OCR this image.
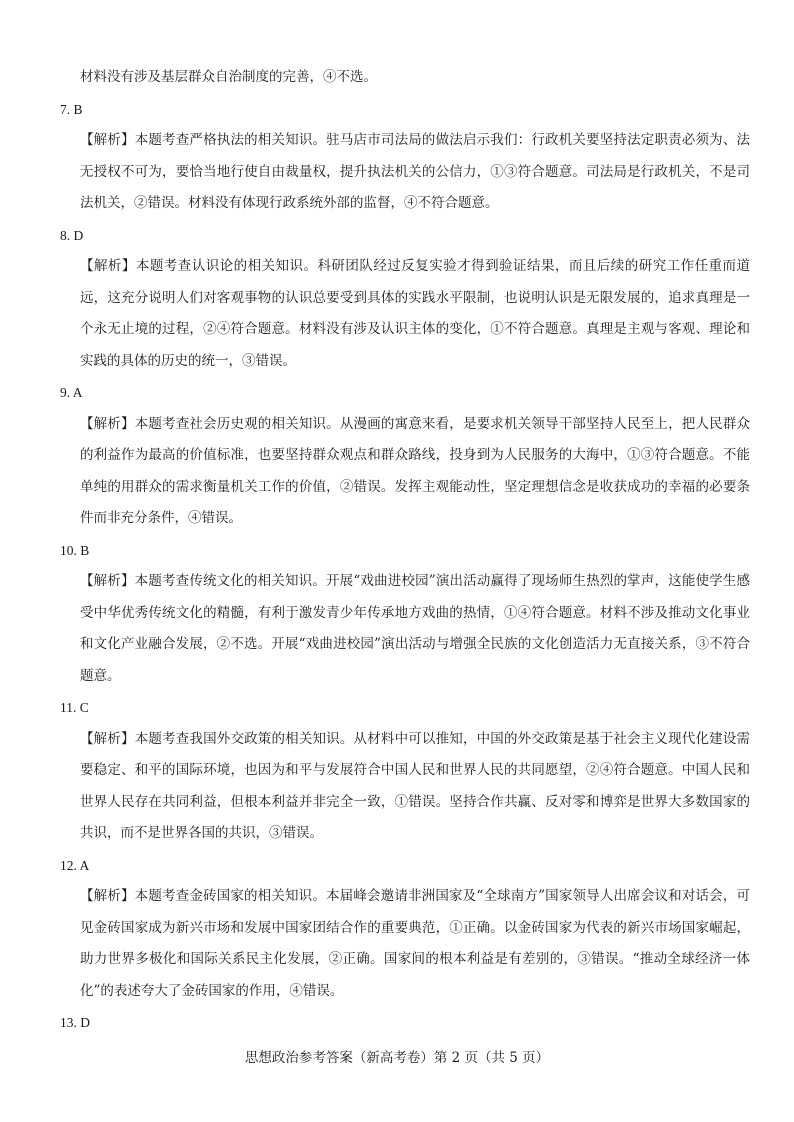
材料没有涉及基层群众自治制度的完善，④不选。

7. B

【解析】本题考查严格执法的相关知识。驻马店市司法局的做法启示我们：行政机关要坚持法定职责必须为、法无授权不可为，要恰当地行使自由裁量权，提升执法机关的公信力，①③符合题意。司法局是行政机关，不是司法机关，②错误。材料没有体现行政系统外部的监督，④不符合题意。

8. D

【解析】本题考查认识论的相关知识。科研团队经过反复实验才得到验证结果，而且后续的研究工作任重而道远，这充分说明人们对客观事物的认识总要受到具体的实践水平限制，也说明认识是无限发展的，追求真理是一个永无止境的过程，②④符合题意。材料没有涉及认识主体的变化，①不符合题意。真理是主观与客观、理论和实践的具体的历史的统一，③错误。

9. A

【解析】本题考查社会历史观的相关知识。从漫画的寓意来看，是要求机关领导干部坚持人民至上，把人民群众的利益作为最高的价值标准，也要坚持群众观点和群众路线，投身到为人民服务的大海中，①③符合题意。不能单纯的用群众的需求衡量机关工作的价值，②错误。发挥主观能动性，坚定理想信念是收获成功的幸福的必要条件而非充分条件，④错误。

10. B

【解析】本题考查传统文化的相关知识。开展“戏曲进校园”演出活动赢得了现场师生热烈的掌声，这能使学生感受中华优秀传统文化的精髓，有利于激发青少年传承地方戏曲的热情，①④符合题意。材料不涉及推动文化事业和文化产业融合发展，②不选。开展“戏曲进校园”演出活动与增强全民族的文化创造活力无直接关系，③不符合题意。

11. C

【解析】本题考查我国外交政策的相关知识。从材料中可以推知，中国的外交政策是基于社会主义现代化建设需要稳定、和平的国际环境，也因为和平与发展符合中国人民和世界人民的共同愿望，②④符合题意。中国人民和世界人民存在共同利益，但根本利益并非完全一致，①错误。坚持合作共赢、反对零和博弈是世界大多数国家的共识，而不是世界各国的共识，③错误。

12. A

【解析】本题考查金砖国家的相关知识。本届峰会邀请非洲国家及“全球南方”国家领导人出席会议和对话会，可见金砖国家成为新兴市场和发展中国家团结合作的重要典范，①正确。以金砖国家为代表的新兴市场国家崛起，助力世界多极化和国际关系民主化发展，②正确。国家间的根本利益是有差别的，③错误。“推动全球经济一体化”的表述夸大了金砖国家的作用，④错误。

13. D

思想政治参考答案（新高考卷）第 2 页（共 5 页）
